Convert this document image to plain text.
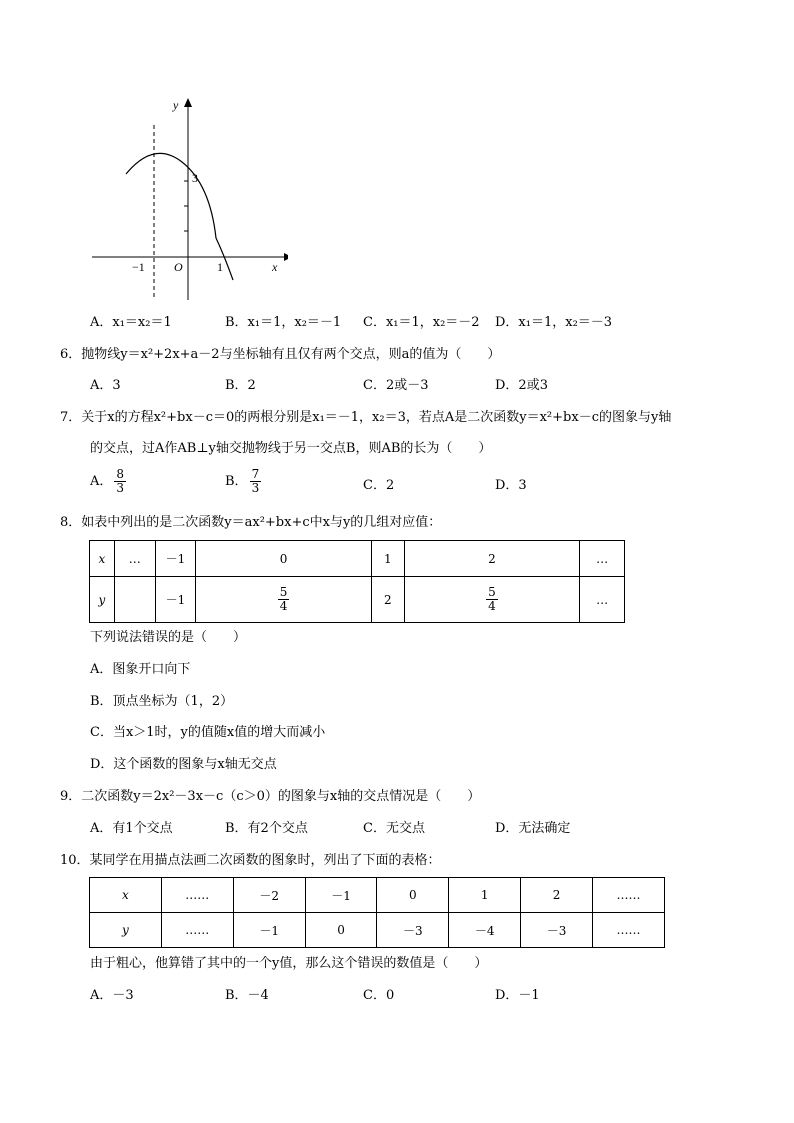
y
x
O
−1	1
3
A．x₁＝x₂＝1	B．x₁＝1，x₂＝－1 C．x₁＝1，x₂＝－2 D．x₁＝1，x₂＝－3
6．抛物线y＝x²+2x+a－2与坐标轴有且仅有两个交点，则a的值为（　　）
A．3	B．2	C．2或－3	D．2或3
7．关于x的方程x²+bx－c＝0的两根分别是x₁＝－1，x₂＝3，若点A是二次函数y＝x²+bx－c的图象与y轴
的交点，过A作AB⊥y轴交抛物线于另一交点B，则AB的长为（　　）
A． $\frac{8}{3}$	B． $\frac{7}{3}$	C．2	D．3
8．如表中列出的是二次函数y＝ax²+bx+c中x与y的几组对应值：
x	…	－1	0	1	2	…
y		－1	$\frac{5}{4}$	2	$\frac{5}{4}$	…
下列说法错误的是（　　）
A．图象开口向下
B．顶点坐标为（1，2）
C．当x＞1时，y的值随x值的增大而减小
D．这个函数的图象与x轴无交点
9．二次函数y＝2x²－3x－c（c＞0）的图象与x轴的交点情况是（　　）
A．有1个交点	B．有2个交点	C．无交点	D．无法确定
10．某同学在用描点法画二次函数的图象时，列出了下面的表格：
x	……	－2	－1	0	1	2	……
y	……	－1	0	－3	－4	－3	……
由于粗心，他算错了其中的一个y值，那么这个错误的数值是（　　）
A．－3	B．－4	C．0	D．－1
